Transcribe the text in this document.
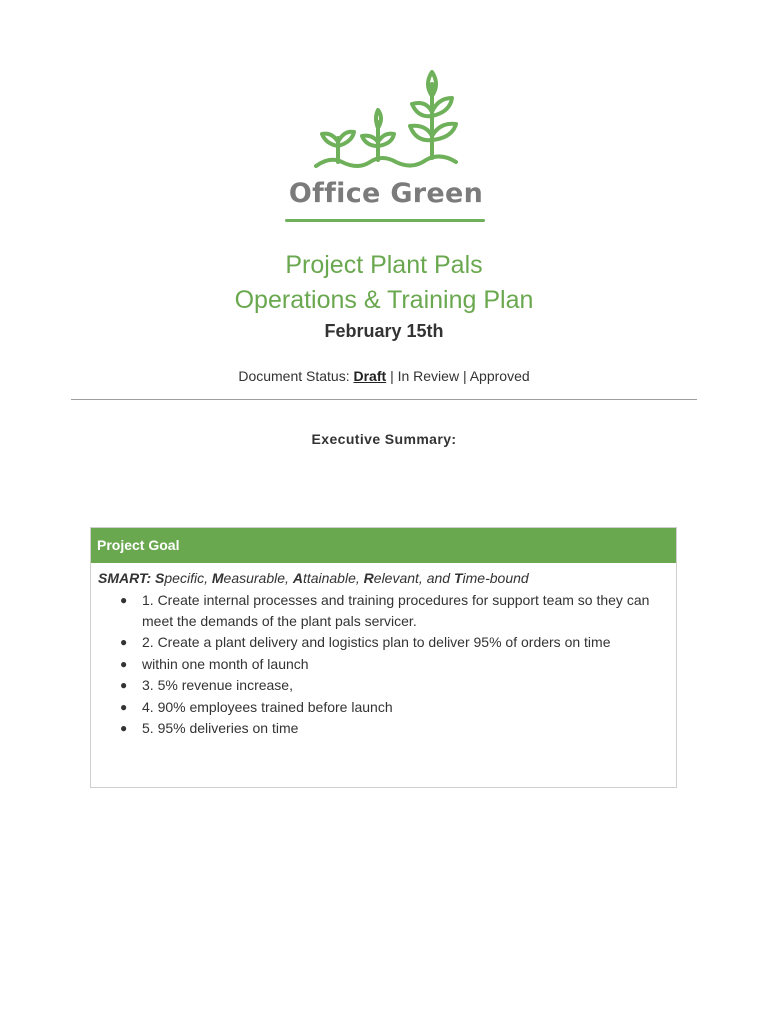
Office Green
Project Plant Pals
Operations & Training Plan
February 15th
Document Status: Draft | In Review | Approved
Executive Summary:
Project Goal
SMART: Specific, Measurable, Attainable, Relevant, and Time-bound
● 1. Create internal processes and training procedures for support team so they can meet the demands of the plant pals servicer.
● 2. Create a plant delivery and logistics plan to deliver 95% of orders on time
● within one month of launch
● 3. 5% revenue increase,
● 4. 90% employees trained before launch
● 5. 95% deliveries on time
